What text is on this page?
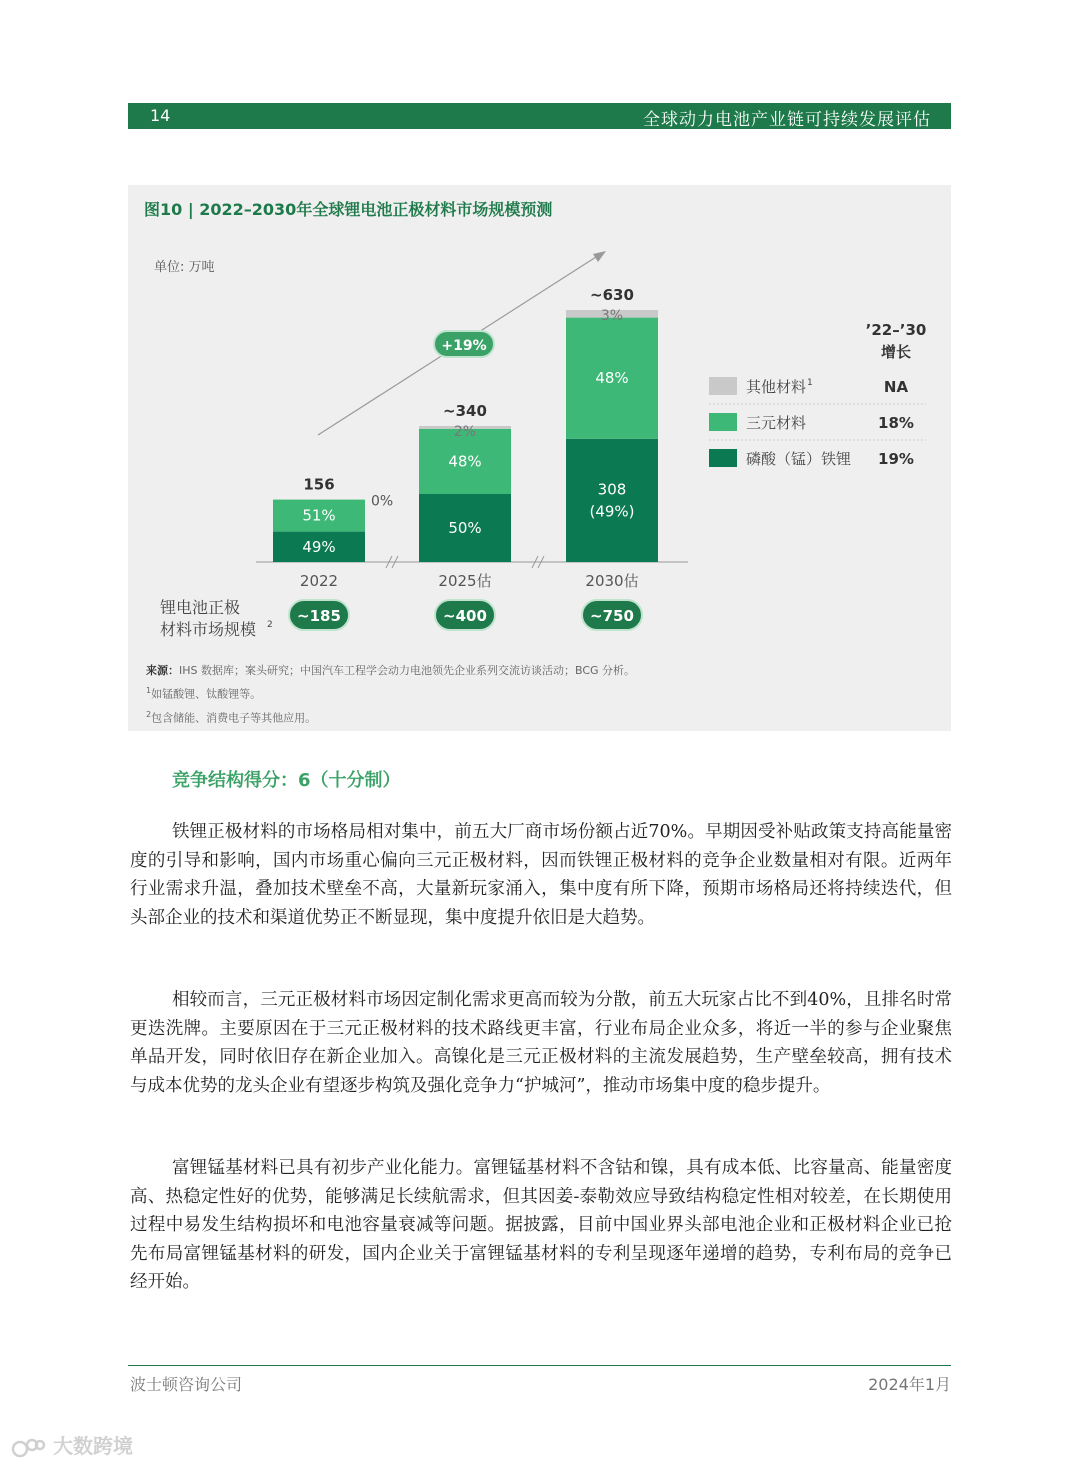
14	全球动力电池产业链可持续发展评估
图10 | 2022–2030年全球锂电池正极材料市场规模预测
单位: 万吨
+19%
49%
51%
0%
156
2022
~185
50%
48%
2%
~340
2025估
~400
308
(49%)
48%
3%
~630
2030估
~750
锂电池正极
材料市场规模 2
’22–’30
增长
其他材料 1	NA
三元材料	18%
磷酸（锰）铁锂 19%
来源：IHS 数据库；案头研究；中国汽车工程学会动力电池领先企业系列交流访谈活动；BCG 分析。
$^1$如锰酸锂、钛酸锂等。
$^2$包含储能、消费电子等其他应用。
竞争结构得分：6（十分制）

铁锂正极材料的市场格局相对集中，前五大厂商市场份额占近70%。早期因受补贴政策支持高能量密度的引导和影响，国内市场重心偏向三元正极材料，因而铁锂正极材料的竞争企业数量相对有限。近两年行业需求升温，叠加技术壁垒不高，大量新玩家涌入，集中度有所下降，预期市场格局还将持续迭代，但头部企业的技术和渠道优势正不断显现，集中度提升依旧是大趋势。

相较而言，三元正极材料市场因定制化需求更高而较为分散，前五大玩家占比不到40%，且排名时常更迭洗牌。主要原因在于三元正极材料的技术路线更丰富，行业布局企业众多，将近一半的参与企业聚焦单品开发，同时依旧存在新企业加入。高镍化是三元正极材料的主流发展趋势，生产壁垒较高，拥有技术与成本优势的龙头企业有望逐步构筑及强化竞争力“护城河”，推动市场集中度的稳步提升。

富锂锰基材料已具有初步产业化能力。富锂锰基材料不含钴和镍，具有成本低、比容量高、能量密度高、热稳定性好的优势，能够满足长续航需求，但其因姜-泰勒效应导致结构稳定性相对较差，在长期使用过程中易发生结构损坏和电池容量衰减等问题。据披露，目前中国业界头部电池企业和正极材料企业已抢先布局富锂锰基材料的研发，国内企业关于富锂锰基材料的专利呈现逐年递增的趋势，专利布局的竞争已经开始。

波士顿咨询公司	2024年1月
大数跨境
